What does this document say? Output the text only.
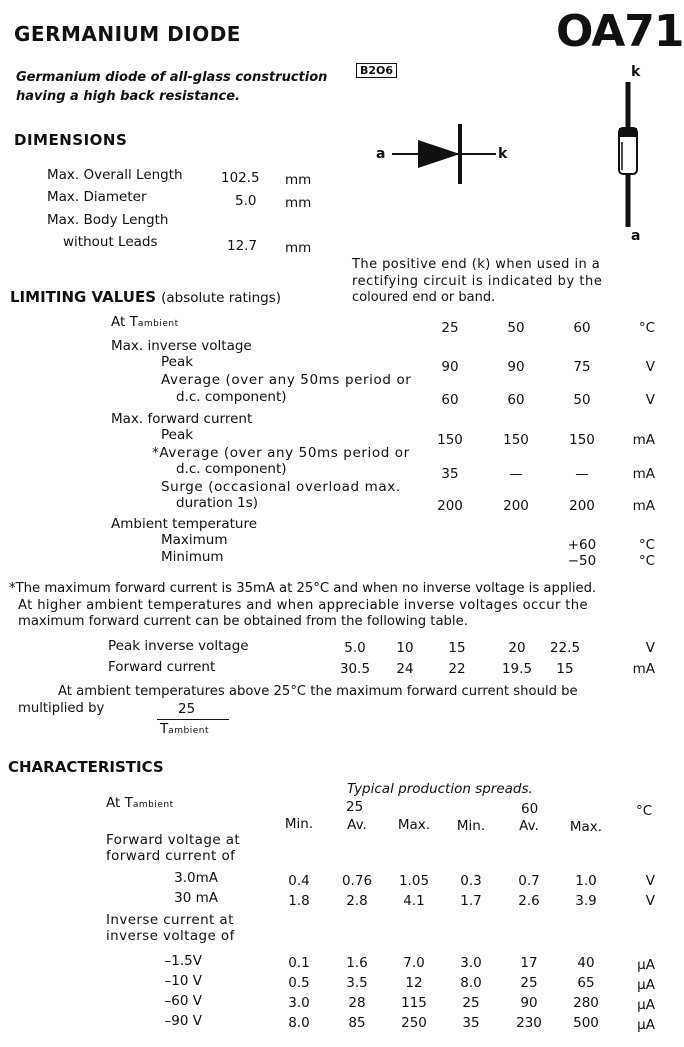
GERMANIUM DIODE	OA71
Germanium diode of all-glass construction
having a high back resistance.
B2O6
a	k
k
a
DIMENSIONS
Max. Overall Length	102.5 mm
Max. Diameter	5.0 mm
Max. Body Length
without Leads	12.7 mm
The positive end (k) when used in a
rectifying circuit is indicated by the
coloured end or band.
LIMITING VALUES (absolute ratings)
At Tambient	25	50	60	°C
Max. inverse voltage
Peak	90	90	75	V
Average (over any 50ms period or
d.c. component)	60	60	50	V
Max. forward current
Peak	150	150	150	mA
*Average (over any 50ms period or
d.c. component)	35	—	—	mA
Surge (occasional overload max.
duration 1s)	200	200	200	mA
Ambient temperature
Maximum	+60	°C
Minimum	−50	°C
*The maximum forward current is 35mA at 25°C and when no inverse voltage is applied.
At higher ambient temperatures and when appreciable inverse voltages occur the
maximum forward current can be obtained from the following table.
Peak inverse voltage	5.0	10	15	20	22.5	V
Forward current	30.5	24	22	19.5	15	mA
At ambient temperatures above 25°C the maximum forward current should be
multiplied by	25
Tambient
CHARACTERISTICS
Typical production spreads.
At Tambient	25	60	°C
Min.	Av.	Max.	Min.	Av.	Max.
Forward voltage at
forward current of
Inverse current at
inverse voltage of
3.0mA	0.4	0.76	1.05	0.3	0.7	1.0	V
30 mA	1.8	2.8	4.1	1.7	2.6	3.9	V
–1.5V	0.1	1.6	7.0	3.0	17	40	μA
–10 V	0.5	3.5	12	8.0	25	65	μA
–60 V	3.0	28	115	25	90	280	μA
–90 V	8.0	85	250	35	230	500	μA
